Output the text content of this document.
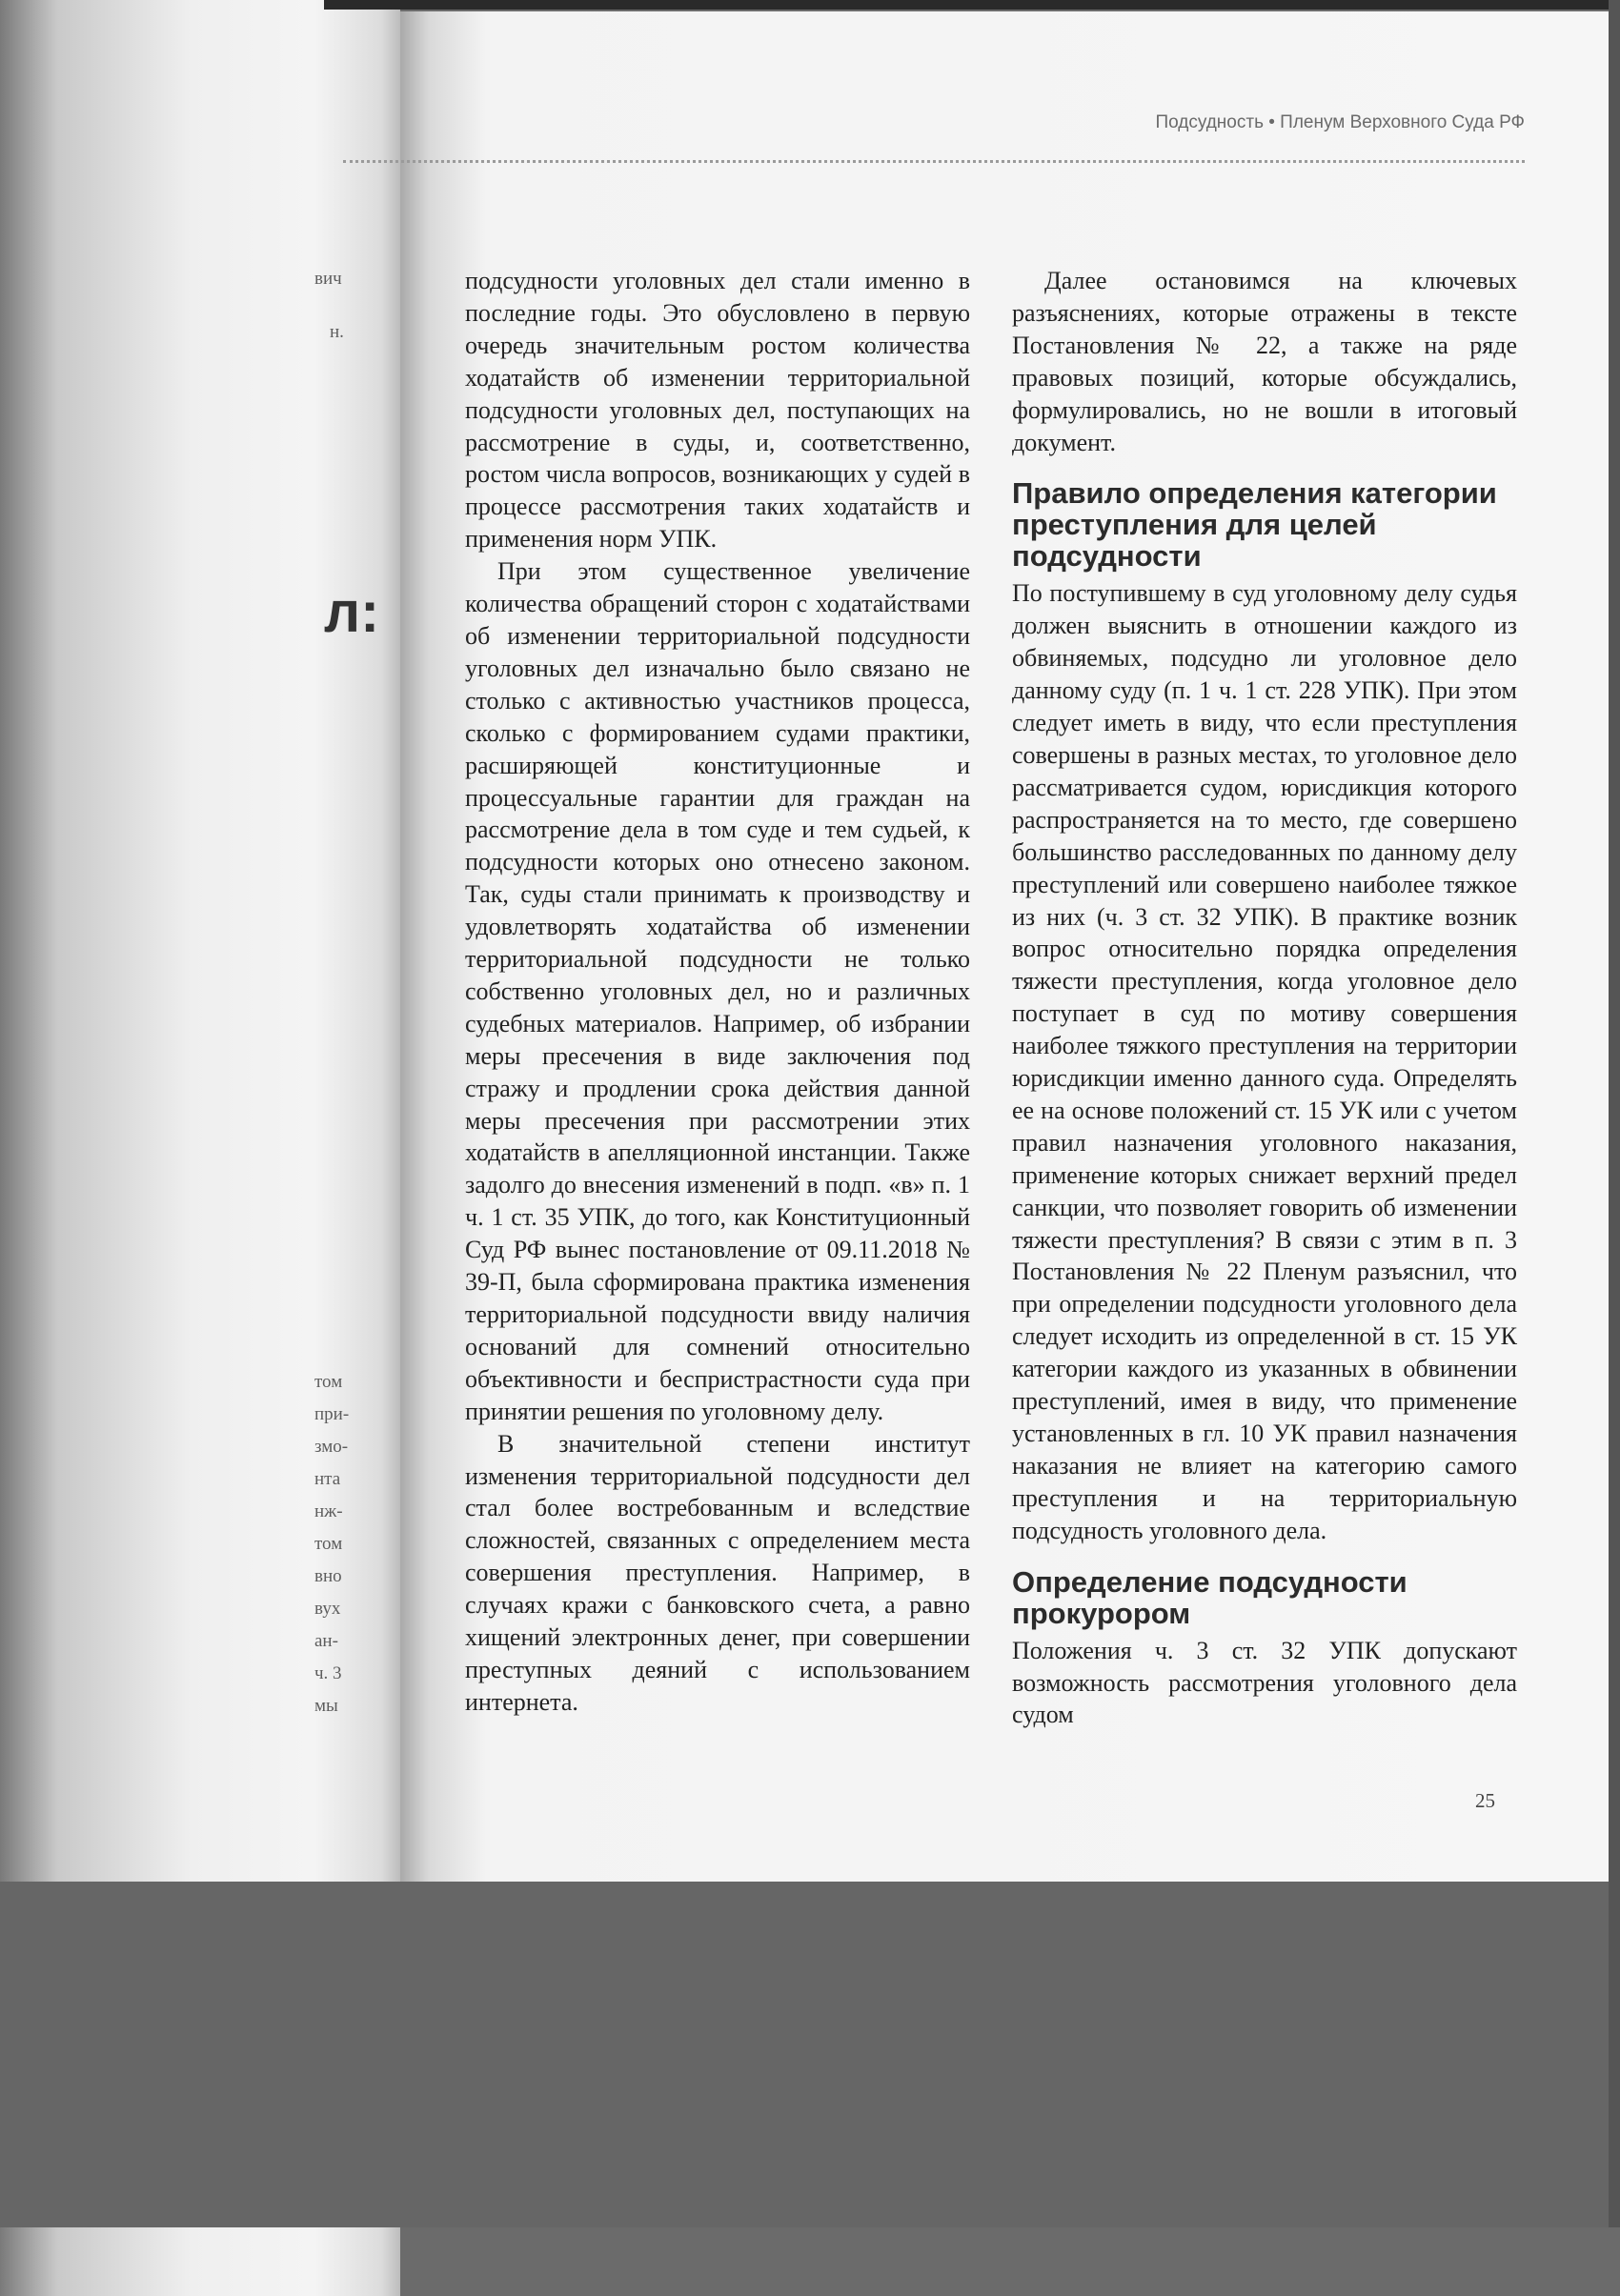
вич
н.
л:
том
при-
змо-
нта
нж-
том
вно
вух
ан-
ч. 3
мы
Подсудность • Пленум Верховного Суда РФ

подсудности уголовных дел стали именно в последние годы. Это обусловлено в первую очередь значительным ростом количества ходатайств об изменении территориальной подсудности уголовных дел, поступающих на рассмотрение в суды, и, соответственно, ростом числа вопросов, возникающих у судей в процессе рассмотрения таких ходатайств и применения норм УПК.

При этом существенное увеличение количества обращений сторон с ходатайствами об изменении территориальной подсудности уголовных дел изначально было связано не столько с активностью участников процесса, сколько с формированием судами практики, расширяющей конституционные и процессуальные гарантии для граждан на рассмотрение дела в том суде и тем судьей, к подсудности которых оно отнесено законом. Так, суды стали принимать к производству и удовлетворять ходатайства об изменении территориальной подсудности не только собственно уголовных дел, но и различных судебных материалов. Например, об избрании меры пресечения в виде заключения под стражу и продлении срока действия данной меры пресечения при рассмотрении этих ходатайств в апелляционной инстанции. Также задолго до внесения изменений в подп. «в» п. 1 ч. 1 ст. 35 УПК, до того, как Конституционный Суд РФ вынес постановление от 09.11.2018 № 39-П, была сформирована практика изменения территориальной подсудности ввиду наличия оснований для сомнений относительно объективности и беспристрастности суда при принятии решения по уголовному делу.

В значительной степени институт изменения территориальной подсудности дел стал более востребованным и вследствие сложностей, связанных с определением места совершения преступления. Например, в случаях кражи с банковского счета, а равно хищений электронных денег, при совершении преступных деяний с использованием интернета.

Далее остановимся на ключевых разъяснениях, которые отражены в тексте Постановления № 22, а также на ряде правовых позиций, которые обсуждались, формулировались, но не вошли в итоговый документ.

Правило определения категории преступления для целей подсудности

По поступившему в суд уголовному делу судья должен выяснить в отношении каждого из обвиняемых, подсудно ли уголовное дело данному суду (п. 1 ч. 1 ст. 228 УПК). При этом следует иметь в виду, что если преступления совершены в разных местах, то уголовное дело рассматривается судом, юрисдикция которого распространяется на то место, где совершено большинство расследованных по данному делу преступлений или совершено наиболее тяжкое из них (ч. 3 ст. 32 УПК). В практике возник вопрос относительно порядка определения тяжести преступления, когда уголовное дело поступает в суд по мотиву совершения наиболее тяжкого преступления на территории юрисдикции именно данного суда. Определять ее на основе положений ст. 15 УК или с учетом правил назначения уголовного наказания, применение которых снижает верхний предел санкции, что позволяет говорить об изменении тяжести преступления? В связи с этим в п. 3 Постановления № 22 Пленум разъяснил, что при определении подсудности уголовного дела следует исходить из определенной в ст. 15 УК категории каждого из указанных в обвинении преступлений, имея в виду, что применение установленных в гл. 10 УК правил назначения наказания не влияет на категорию самого преступления и на территориальную подсудность уголовного дела.

Определение подсудности прокурором

Положения ч. 3 ст. 32 УПК допускают возможность рассмотрения уголовного дела судом

25
